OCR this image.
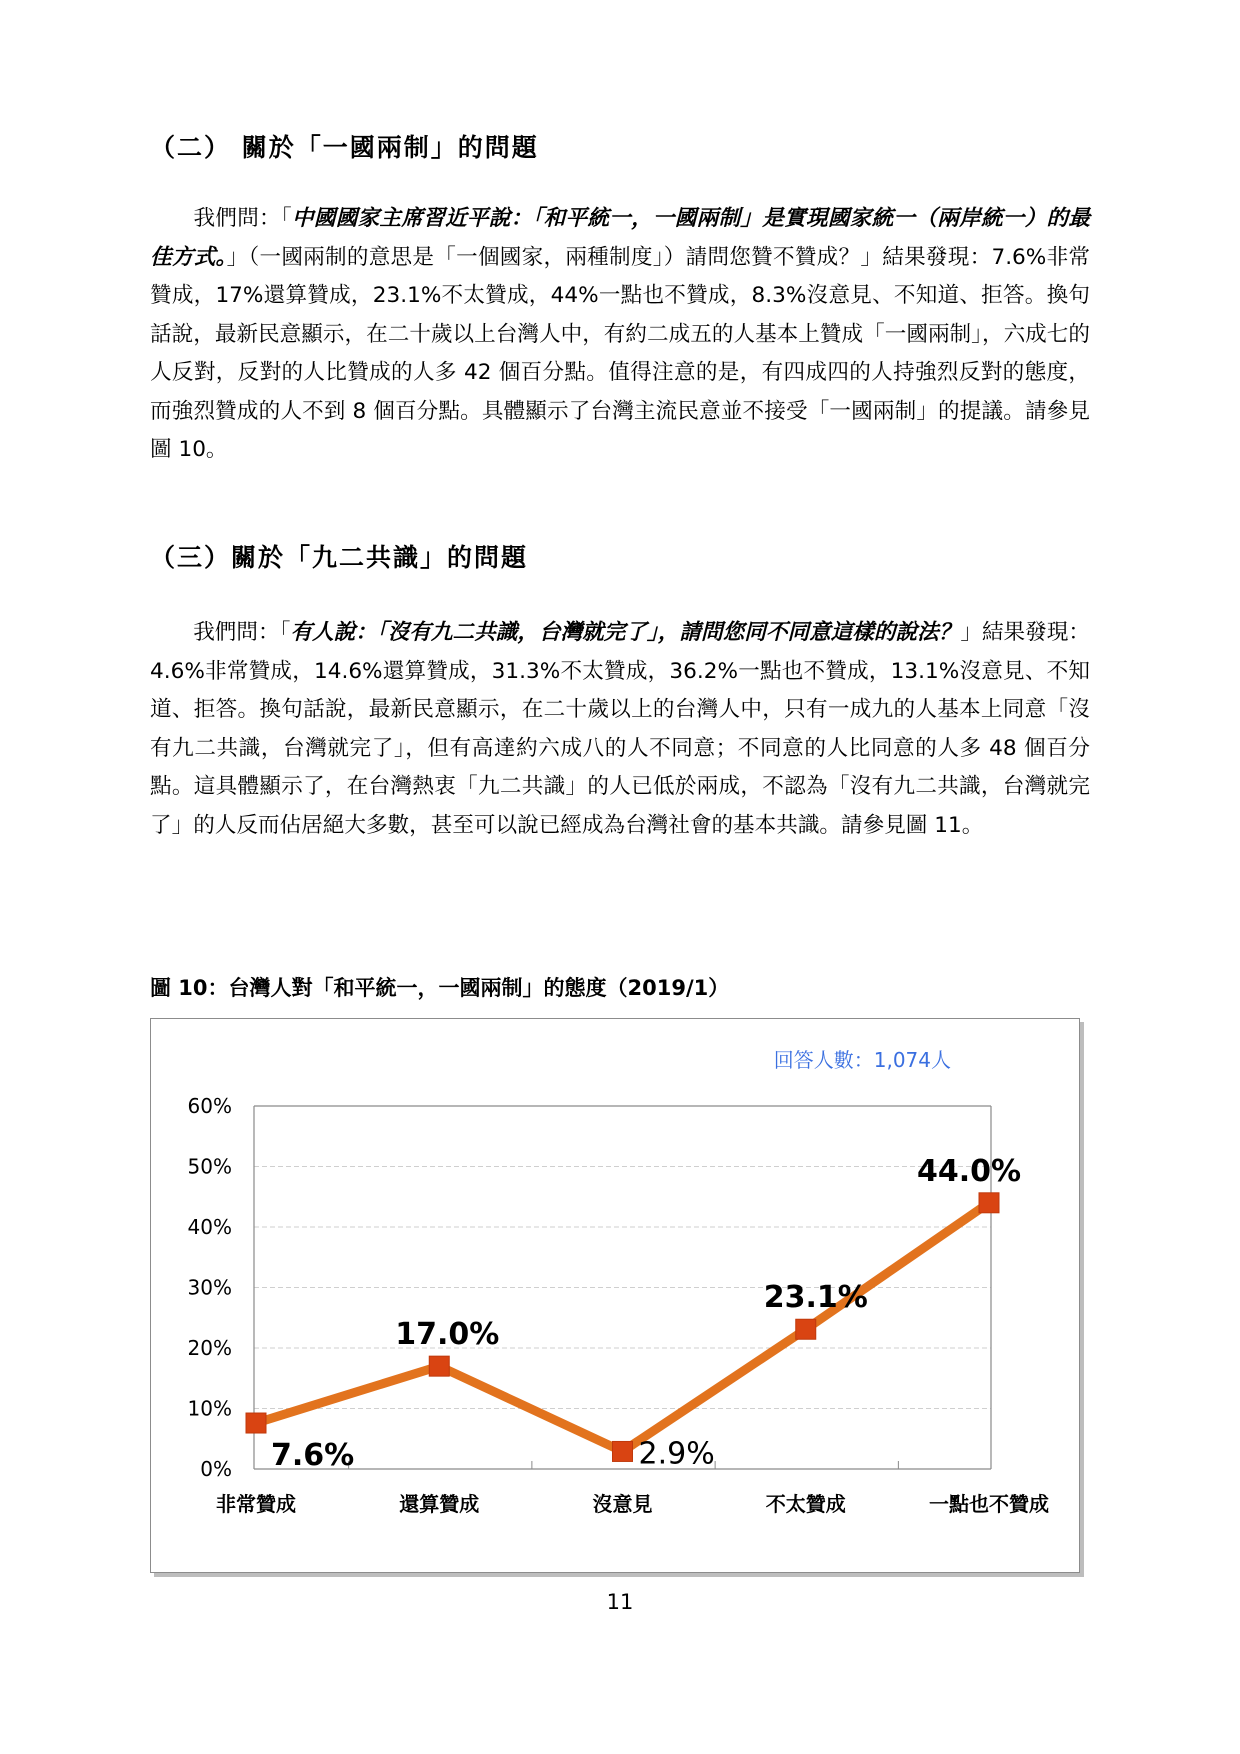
（二） 關於「一國兩制」的問題

我們問：「中國國家主席習近平說：「和平統一，一國兩制」是實現國家統一（兩岸統一）的最佳方式。」（一國兩制的意思是「一個國家，兩種制度」）請問您贊不贊成？」結果發現：7.6%非常贊成，17%還算贊成，23.1%不太贊成，44%一點也不贊成，8.3%沒意見、不知道、拒答。換句話說，最新民意顯示，在二十歲以上台灣人中，有約二成五的人基本上贊成「一國兩制」，六成七的人反對，反對的人比贊成的人多 42 個百分點。值得注意的是，有四成四的人持強烈反對的態度，而強烈贊成的人不到 8 個百分點。具體顯示了台灣主流民意並不接受「一國兩制」的提議。請參見圖 10。

（三）關於「九二共識」的問題

我們問：「有人說：「沒有九二共識，台灣就完了」，請問您同不同意這樣的說法？」結果發現：4.6%非常贊成，14.6%還算贊成，31.3%不太贊成，36.2%一點也不贊成，13.1%沒意見、不知道、拒答。換句話說，最新民意顯示，在二十歲以上的台灣人中，只有一成九的人基本上同意「沒有九二共識，台灣就完了」，但有高達約六成八的人不同意；不同意的人比同意的人多 48 個百分點。這具體顯示了，在台灣熱衷「九二共識」的人已低於兩成，不認為「沒有九二共識，台灣就完了」的人反而佔居絕大多數，甚至可以說已經成為台灣社會的基本共識。請參見圖 11。

圖 10：台灣人對「和平統一，一國兩制」的態度（2019/1）

0%
10%
20%
30%
40%
50%
60%
非常贊成	還算贊成	沒意見	不太贊成	一點也不贊成
7.6%
17.0%
2.9%
23.1%
44.0%
回答人數：1,074人
11
